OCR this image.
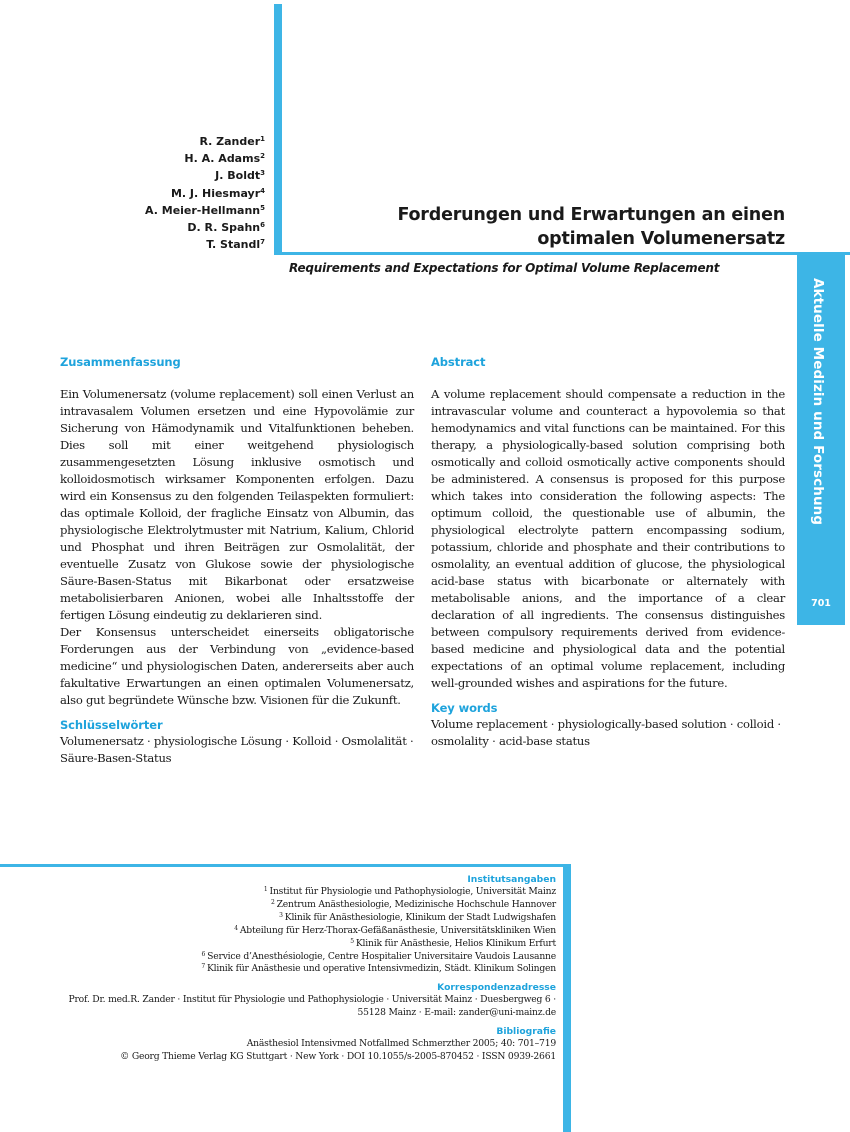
Aktuelle Medizin und Forschung
701
R. Zander$^1$
H. A. Adams$^2$
J. Boldt$^3$
M. J. Hiesmayr$^4$
A. Meier-Hellmann$^5$
D. R. Spahn$^6$
T. Standl$^7$
Forderungen und Erwartungen an einen
optimalen Volumenersatz
Requirements and Expectations for Optimal Volume Replacement

Zusammenfassung

Ein Volumenersatz (volume replacement) soll einen Verlust an intravasalem Volumen ersetzen und eine Hypovolämie zur Sicherung von Hämodynamik und Vitalfunktionen beheben. Dies soll mit einer weitgehend physiologisch zusammengesetzten Lösung inklusive osmotisch und kolloidosmotisch wirksamer Komponenten erfolgen. Dazu wird ein Konsensus zu den folgenden Teilaspekten formuliert: das optimale Kolloid, der fragliche Einsatz von Albumin, das physiologische Elektrolytmuster mit Natrium, Kalium, Chlorid und Phosphat und ihren Beiträgen zur Osmolalität, der eventuelle Zusatz von Glukose sowie der physiologische Säure-Basen-Status mit Bikarbonat oder ersatzweise metabolisierbaren Anionen, wobei alle Inhaltsstoffe der fertigen Lösung eindeutig zu deklarieren sind.

Der Konsensus unterscheidet einerseits obligatorische Forderungen aus der Verbindung von „evidence-based medicine“ und physiologischen Daten, andererseits aber auch fakultative Erwartungen an einen optimalen Volumenersatz, also gut begründete Wünsche bzw. Visionen für die Zukunft.

Schlüsselwörter

Volumenersatz · physiologische Lösung · Kolloid · Osmolalität · Säure-Basen-Status

Abstract

A volume replacement should compensate a reduction in the intravascular volume and counteract a hypovolemia so that hemodynamics and vital functions can be maintained. For this therapy, a physiologically-based solution comprising both osmotically and colloid osmotically active components should be administered. A consensus is proposed for this purpose which takes into consideration the following aspects: The optimum colloid, the questionable use of albumin, the physiological electrolyte pattern encompassing sodium, potassium, chloride and phosphate and their contributions to osmolality, an eventual addition of glucose, the physiological acid-base status with bicarbonate or alternately with metabolisable anions, and the importance of a clear declaration of all ingredients. The consensus distinguishes between compulsory requirements derived from evidence-based medicine and physiological data and the potential expectations of an optimal volume replacement, including well-grounded wishes and aspirations for the future.

Key words

Volume replacement · physiologically-based solution · colloid · osmolality · acid-base status

Institutsangaben

$^1$ Institut für Physiologie und Pathophysiologie, Universität Mainz

$^2$ Zentrum Anästhesiologie, Medizinische Hochschule Hannover

$^3$ Klinik für Anästhesiologie, Klinikum der Stadt Ludwigshafen

$^4$ Abteilung für Herz-Thorax-Gefäßanästhesie, Universitätskliniken Wien

$^5$ Klinik für Anästhesie, Helios Klinikum Erfurt

$^6$ Service d’Anesthésiologie, Centre Hospitalier Universitaire Vaudois Lausanne

$^7$ Klinik für Anästhesie und operative Intensivmedizin, Städt. Klinikum Solingen

Korrespondenzadresse

Prof. Dr. med.R. Zander · Institut für Physiologie und Pathophysiologie · Universität Mainz · Duesbergweg 6 ·

55128 Mainz · E-mail: zander@uni-mainz.de

Bibliografie

Anästhesiol Intensivmed Notfallmed Schmerzther 2005; 40: 701–719

© Georg Thieme Verlag KG Stuttgart · New York · DOI 10.1055/s-2005-870452 · ISSN 0939-2661
